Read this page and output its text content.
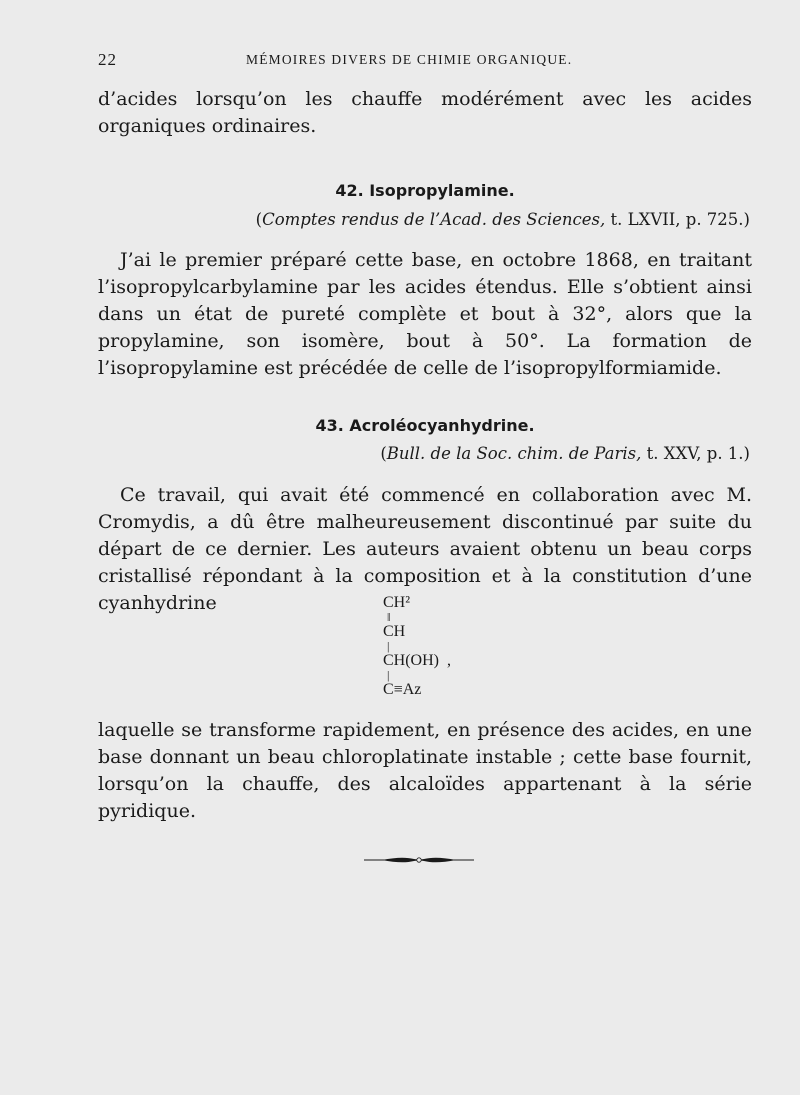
22	MÉMOIRES DIVERS DE CHIMIE ORGANIQUE.

d’acides lorsqu’on les chauffe modérément avec les acides organiques ordinaires.

42. Isopropylamine.

(Comptes rendus de l’Acad. des Sciences, t. LXVII, p. 725.)

J’ai le premier préparé cette base, en octobre 1868, en traitant l’isopropylcarbylamine par les acides étendus. Elle s’obtient ainsi dans un état de pureté complète et bout à 32°, alors que la propylamine, son isomère, bout à 50°. La formation de l’isopropylamine est précédée de celle de l’isopropylformiamide.

43. Acroléocyanhydrine.

(Bull. de la Soc. chim. de Paris, t. XXV, p. 1.)

Ce travail, qui avait été commencé en collaboration avec M. Cromydis, a dû être malheureusement discontinué par suite du départ de ce dernier. Les auteurs avaient obtenu un beau corps cristallisé répondant à la composition et à la constitution d’une cyanhydrine	CH²
‖
CH
|
CH(OH) ,
|
C≡Az

laquelle se transforme rapidement, en présence des acides, en une base donnant un beau chloroplatinate instable ; cette base fournit, lorsqu’on la chauffe, des alcaloïdes appartenant à la série pyridique.
